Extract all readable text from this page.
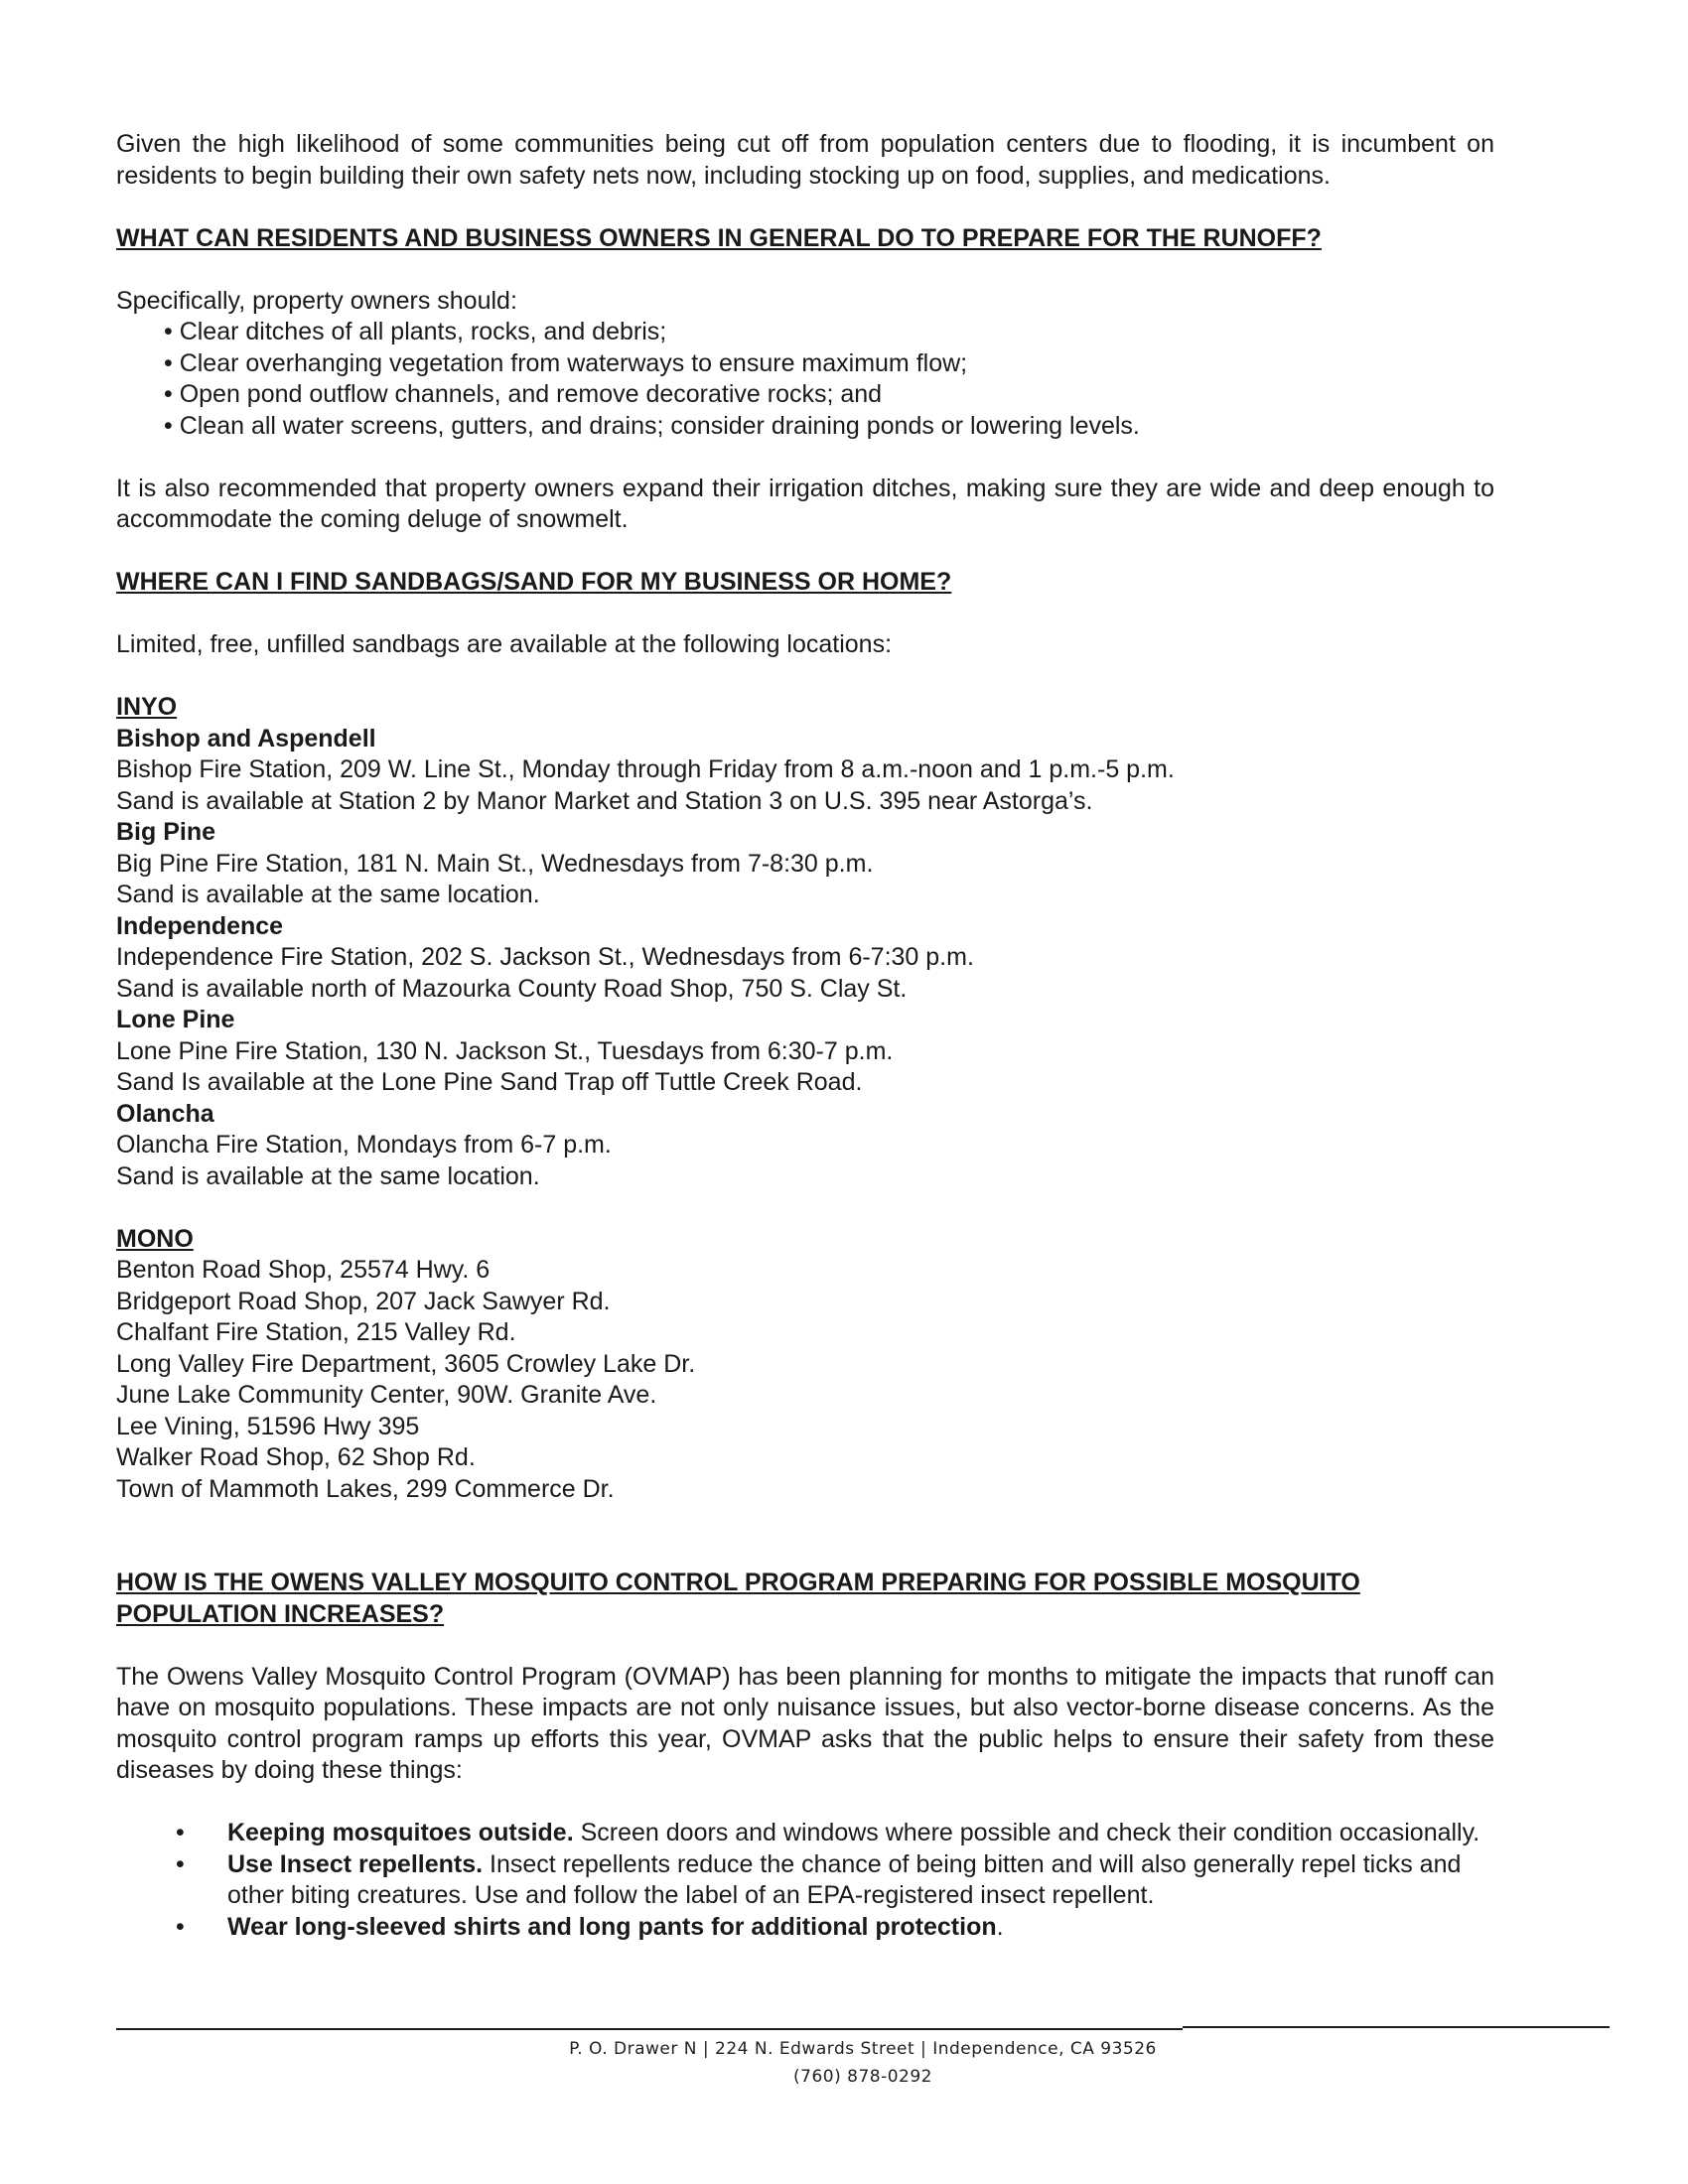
Given the high likelihood of some communities being cut off from population centers due to flooding, it is incumbent on residents to begin building their own safety nets now, including stocking up on food, supplies, and medications.

WHAT CAN RESIDENTS AND BUSINESS OWNERS IN GENERAL DO TO PREPARE FOR THE RUNOFF?

Specifically, property owners should:

• Clear ditches of all plants, rocks, and debris;
• Clear overhanging vegetation from waterways to ensure maximum flow;
• Open pond outflow channels, and remove decorative rocks; and
• Clean all water screens, gutters, and drains; consider draining ponds or lowering levels.

It is also recommended that property owners expand their irrigation ditches, making sure they are wide and deep enough to accommodate the coming deluge of snowmelt.

WHERE CAN I FIND SANDBAGS/SAND FOR MY BUSINESS OR HOME?

Limited, free, unfilled sandbags are available at the following locations:

INYO

Bishop and Aspendell

Bishop Fire Station, 209 W. Line St., Monday through Friday from 8 a.m.-noon and 1 p.m.-5 p.m.

Sand is available at Station 2 by Manor Market and Station 3 on U.S. 395 near Astorga’s.

Big Pine

Big Pine Fire Station, 181 N. Main St., Wednesdays from 7-8:30 p.m.

Sand is available at the same location.

Independence

Independence Fire Station, 202 S. Jackson St., Wednesdays from 6-7:30 p.m.

Sand is available north of Mazourka County Road Shop, 750 S. Clay St.

Lone Pine

Lone Pine Fire Station, 130 N. Jackson St., Tuesdays from 6:30-7 p.m.

Sand Is available at the Lone Pine Sand Trap off Tuttle Creek Road.

Olancha

Olancha Fire Station, Mondays from 6-7 p.m.

Sand is available at the same location.

MONO

Benton Road Shop, 25574 Hwy. 6

Bridgeport Road Shop, 207 Jack Sawyer Rd.

Chalfant Fire Station, 215 Valley Rd.

Long Valley Fire Department, 3605 Crowley Lake Dr.

June Lake Community Center, 90W. Granite Ave.

Lee Vining, 51596 Hwy 395

Walker Road Shop, 62 Shop Rd.

Town of Mammoth Lakes, 299 Commerce Dr.

HOW IS THE OWENS VALLEY MOSQUITO CONTROL PROGRAM PREPARING FOR POSSIBLE MOSQUITO POPULATION INCREASES?

The Owens Valley Mosquito Control Program (OVMAP) has been planning for months to mitigate the impacts that runoff can have on mosquito populations. These impacts are not only nuisance issues, but also vector-borne disease concerns. As the mosquito control program ramps up efforts this year, OVMAP asks that the public helps to ensure their safety from these diseases by doing these things:

• Keeping mosquitoes outside. Screen doors and windows where possible and check their condition occasionally.
• Use Insect repellents. Insect repellents reduce the chance of being bitten and will also generally repel ticks and other biting creatures. Use and follow the label of an EPA-registered insect repellent.
• Wear long-sleeved shirts and long pants for additional protection.
P. O. Drawer N | 224 N. Edwards Street | Independence, CA 93526
(760) 878-0292
